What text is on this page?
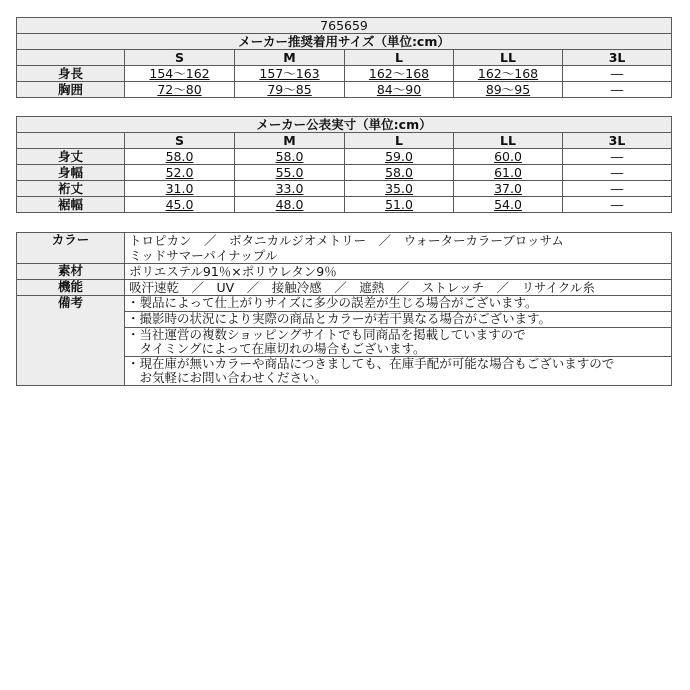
765659					
メーカー推奨着用サイズ（単位:cm）					
	S	M	L	LL	3L
身長	154〜162	157〜163	162〜168	162〜168	―
胸囲	72〜80	79〜85	84〜90	89〜95	―
メーカー公表実寸（単位:cm）					
	S	M	L	LL	3L
身丈	58.0	58.0	59.0	60.0	―
身幅	52.0	55.0	58.0	61.0	―
裄丈	31.0	33.0	35.0	37.0	―
裾幅	45.0	48.0	51.0	54.0	―
カラー	トロピカン　／　ボタニカルジオメトリー　／　ウォーターカラーブロッサム
ミッドサマーパイナップル

素材	ポリエステル91％×ポリウレタン9％
機能	吸汗速乾　／　UV　／　接触冷感　／　遮熱　／　ストレッチ　／　リサイクル糸
備考	・製品によって仕上がりサイズに多少の誤差が生じる場合がございます。
	・撮影時の状況により実際の商品とカラーが若干異なる場合がございます。

	・当社運営の複数ショッピングサイトでも同商品を掲載していますので
　タイミングによって在庫切れの場合もございます。

	・現在庫が無いカラーや商品につきましても、在庫手配が可能な場合もございますので
　お気軽にお問い合わせください。
